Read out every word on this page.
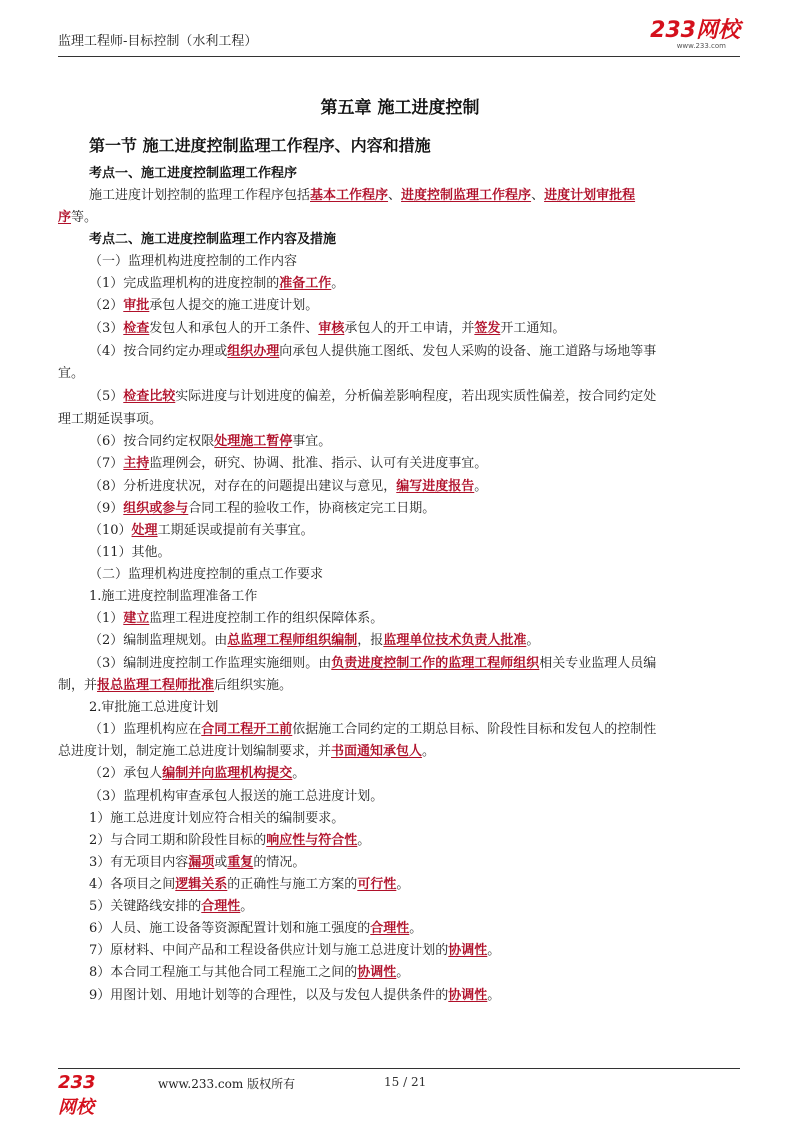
监理工程师-目标控制（水利工程）	233网校
www.233.com
第五章 施工进度控制
第一节 施工进度控制监理工作程序、内容和措施
考点一、施工进度控制监理工作程序
施工进度计划控制的监理工作程序包括基本工作程序、进度控制监理工作程序、进度计划审批程
序等。
考点二、施工进度控制监理工作内容及措施
（一）监理机构进度控制的工作内容
（1）完成监理机构的进度控制的准备工作。
（2）审批承包人提交的施工进度计划。
（3）检查发包人和承包人的开工条件、审核承包人的开工申请，并签发开工通知。
（4）按合同约定办理或组织办理向承包人提供施工图纸、发包人采购的设备、施工道路与场地等事
宜。
（5）检查比较实际进度与计划进度的偏差，分析偏差影响程度，若出现实质性偏差，按合同约定处
理工期延误事项。
（6）按合同约定权限处理施工暂停事宜。
（7）主持监理例会，研究、协调、批准、指示、认可有关进度事宜。
（8）分析进度状况，对存在的问题提出建议与意见，编写进度报告。
（9）组织或参与合同工程的验收工作，协商核定完工日期。
（10）处理工期延误或提前有关事宜。
（11）其他。
（二）监理机构进度控制的重点工作要求
1.施工进度控制监理准备工作
（1）建立监理工程进度控制工作的组织保障体系。
（2）编制监理规划。由总监理工程师组织编制，报监理单位技术负责人批准。
（3）编制进度控制工作监理实施细则。由负责进度控制工作的监理工程师组织相关专业监理人员编
制，并报总监理工程师批准后组织实施。
2.审批施工总进度计划
（1）监理机构应在合同工程开工前依据施工合同约定的工期总目标、阶段性目标和发包人的控制性
总进度计划，制定施工总进度计划编制要求，并书面通知承包人。
（2）承包人编制并向监理机构提交。
（3）监理机构审查承包人报送的施工总进度计划。
1）施工总进度计划应符合相关的编制要求。
2）与合同工期和阶段性目标的响应性与符合性。
3）有无项目内容漏项或重复的情况。
4）各项目之间逻辑关系的正确性与施工方案的可行性。
5）关键路线安排的合理性。
6）人员、施工设备等资源配置计划和施工强度的合理性。
7）原材料、中间产品和工程设备供应计划与施工总进度计划的协调性。
8）本合同工程施工与其他合同工程施工之间的协调性。
9）用图计划、用地计划等的合理性，以及与发包人提供条件的协调性。
233网校
www.233.com 版权所有	15 / 21
